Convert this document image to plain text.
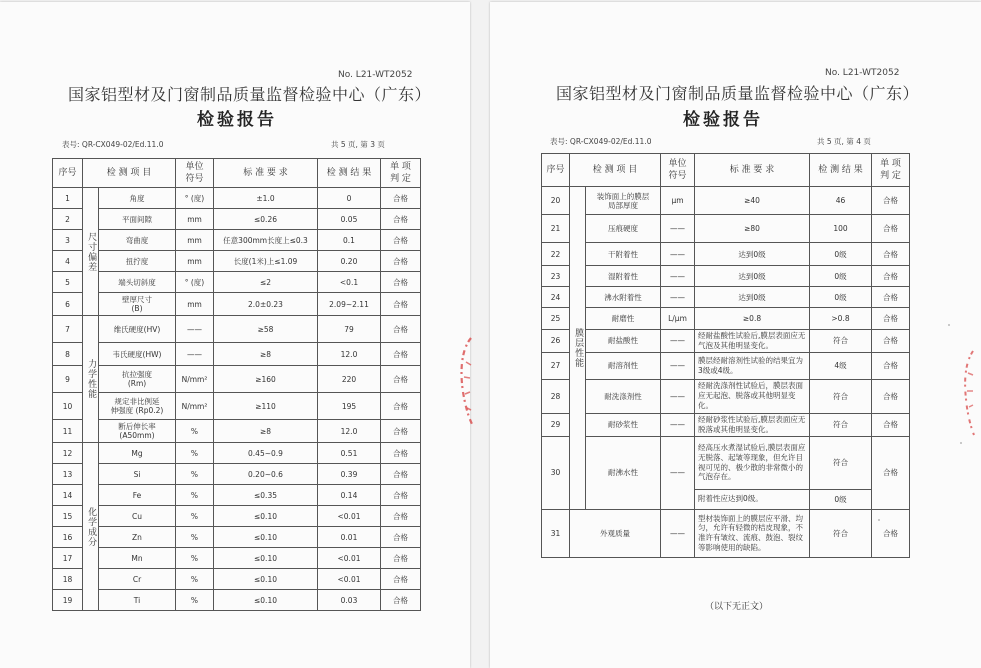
No. L21-WT2052
国家铝型材及门窗制品质量监督检验中心（广东）
检验报告
表号: QR-CX049-02/Ed.11.0	共 5 页, 第 3 页
序号	检 测 项 目		单位
符号	标 准 要 求	检 测 结 果	单 项
判 定
1	尺寸偏差	角度	° (度)	±1.0	0	合格
2		平面间隙	mm	≤0.26	0.05	合格
3		弯曲度	mm	任意300mm长度上≤0.3	0.1	合格
4		扭拧度	mm	长度(1米)上≤1.09	0.20	合格
5		端头切斜度	° (度)	≤2	<0.1	合格
6		壁厚尺寸
(B)	mm	2.0±0.23	2.09~2.11	合格
7	力学性能	维氏硬度(HV)	——	≥58	79	合格
8		韦氏硬度(HW)	——	≥8	12.0	合格
9		抗拉强度
(Rm)	N/mm²	≥160	220	合格
10		规定非比例延
伸强度 (Rp0.2)	N/mm²	≥110	195	合格
11		断后伸长率
(A50mm)	%	≥8	12.0	合格
12	化学成分	Mg	%	0.45~0.9	0.51	合格
13		Si	%	0.20~0.6	0.39	合格
14		Fe	%	≤0.35	0.14	合格
15		Cu	%	≤0.10	<0.01	合格
16		Zn	%	≤0.10	0.01	合格
17		Mn	%	≤0.10	<0.01	合格
18		Cr	%	≤0.10	<0.01	合格
19		Ti	%	≤0.10	0.03	合格
No. L21-WT2052
国家铝型材及门窗制品质量监督检验中心（广东）
检验报告
表号: QR-CX049-02/Ed.11.0	共 5 页, 第 4 页
（以下无正文）
序号	检 测 项 目		单位
符号	标 准 要 求	检 测 结 果	单 项
判 定
20	膜层性能	装饰面上的膜层
局部厚度	μm	≥40	46	合格
21		压痕硬度	——	≥80	100	合格
22		干附着性	——	达到0级	0级	合格
23		湿附着性	——	达到0级	0级	合格
24		沸水附着性	——	达到0级	0级	合格
25		耐磨性	L/μm	≥0.8	>0.8	合格
26		耐盐酸性	——	经耐盐酸性试验后,膜层表面应无气泡及其他明显变化。	符合	合格
27		耐溶剂性	——	膜层经耐溶剂性试验的结果宜为3级或4级。	4级	合格
28		耐洗涤剂性	——	经耐洗涤剂性试验后，膜层表面应无起泡、脱落或其他明显变化。	符合	合格
29		耐砂浆性	——	经耐砂浆性试验后,膜层表面应无脱落或其他明显变化。	符合	合格
30		耐沸水性	——	经高压水煮湿试验后,膜层表面应无脱落、起皱等现象，但允许目视可见的、极少散的非常微小的气泡存在。	符合	合格
				附着性应达到0级。	0级	
31	外观质量		——	型材装饰面上的膜层应平滑、均匀，允许有轻微的桔皮现象，不准许有皱纹、流痕、鼓泡、裂纹等影响使用的缺陷。	符合	合格
